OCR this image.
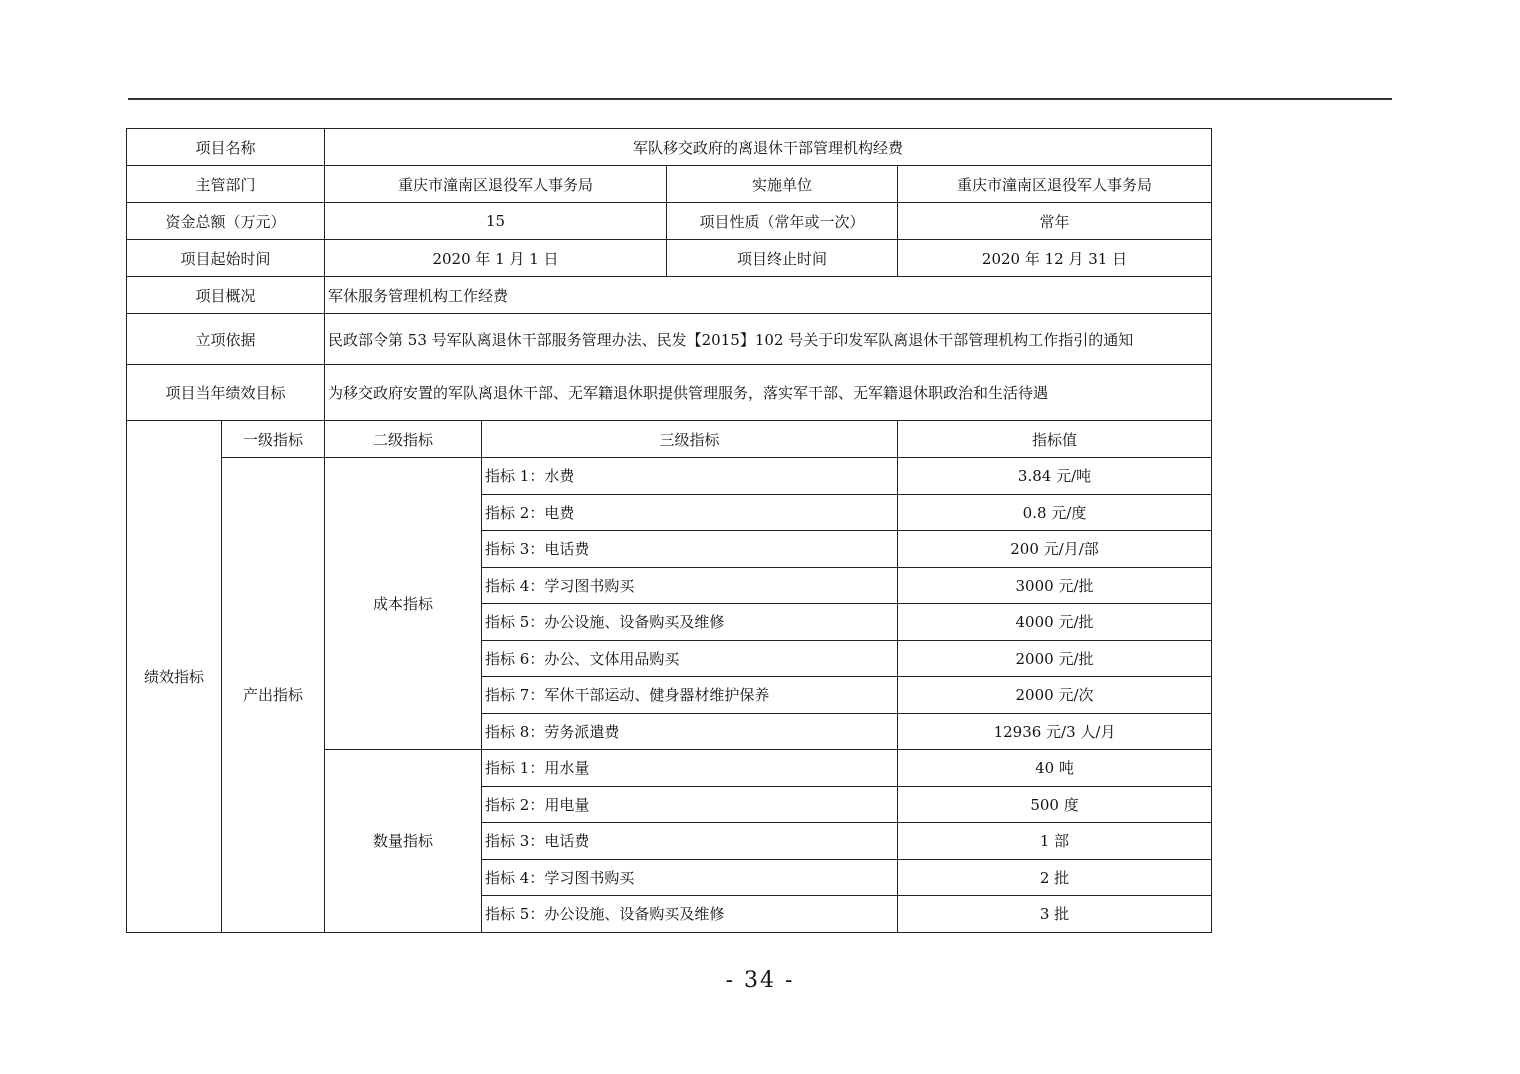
项目名称		军队移交政府的离退休干部管理机构经费			
主管部门		重庆市潼南区退役军人事务局		实施单位	重庆市潼南区退役军人事务局
资金总额（万元）		15		项目性质（常年或一次）	常年
项目起始时间		2020 年 1 月 1 日		项目终止时间	2020 年 12 月 31 日
项目概况		军休服务管理机构工作经费			
立项依据		民政部令第 53 号军队离退休干部服务管理办法、民发【2015】102 号关于印发军队离退休干部管理机构工作指引的通知			
项目当年绩效目标		为移交政府安置的军队离退休干部、无军籍退休职提供管理服务，落实军干部、无军籍退休职政治和生活待遇			
绩效指标	一级指标	二级指标	三级指标		指标值
	产出指标	成本指标	指标 1：水费		3.84 元/吨
			指标 2：电费		0.8 元/度
			指标 3：电话费		200 元/月/部
			指标 4：学习图书购买		3000 元/批
			指标 5：办公设施、设备购买及维修		4000 元/批
			指标 6：办公、文体用品购买		2000 元/批
			指标 7：军休干部运动、健身器材维护保养		2000 元/次
			指标 8：劳务派遣费		12936 元/3 人/月
		数量指标	指标 1：用水量		40 吨
			指标 2：用电量		500 度
			指标 3：电话费		1 部
			指标 4：学习图书购买		2 批
			指标 5：办公设施、设备购买及维修		3 批
- 34 -
